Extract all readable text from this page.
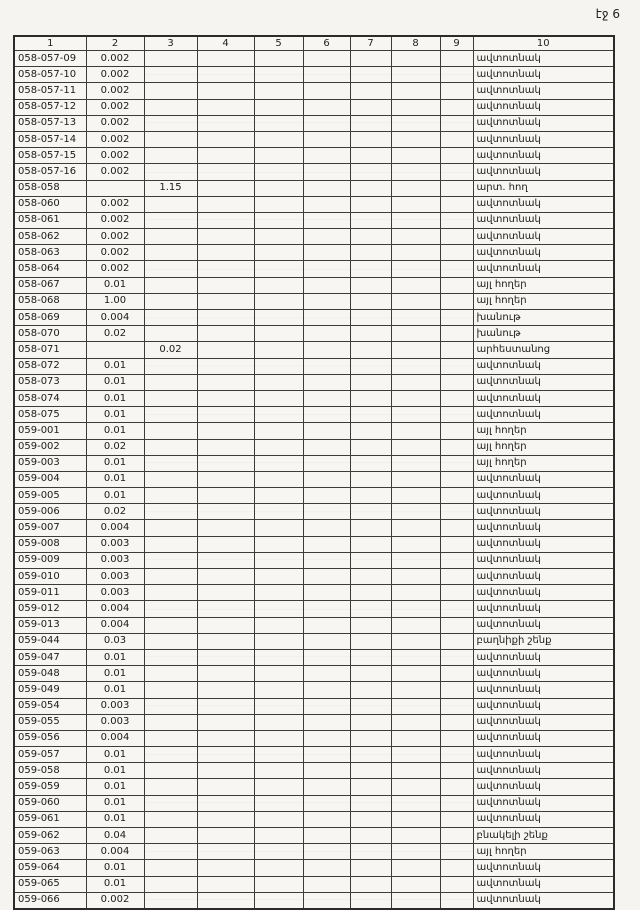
էջ 6
1	2	3	4	5	6	7	8	9	10
058-057-09	0.002								ավտոտնակ
058-057-10	0.002								ավտոտնակ
058-057-11	0.002								ավտոտնակ
058-057-12	0.002								ավտոտնակ
058-057-13	0.002								ավտոտնակ
058-057-14	0.002								ավտոտնակ
058-057-15	0.002								ավտոտնակ
058-057-16	0.002								ավտոտնակ
058-058		1.15							արտ. հող
058-060	0.002								ավտոտնակ
058-061	0.002								ավտոտնակ
058-062	0.002								ավտոտնակ
058-063	0.002								ավտոտնակ
058-064	0.002								ավտոտնակ
058-067	0.01								այլ հողեր
058-068	1.00								այլ հողեր
058-069	0.004								խանութ
058-070	0.02								խանութ
058-071		0.02							արհեստանոց
058-072	0.01								ավտոտնակ
058-073	0.01								ավտոտնակ
058-074	0.01								ավտոտնակ
058-075	0.01								ավտոտնակ
059-001	0.01								այլ հողեր
059-002	0.02								այլ հողեր
059-003	0.01								այլ հողեր
059-004	0.01								ավտոտնակ
059-005	0.01								ավտոտնակ
059-006	0.02								ավտոտնակ
059-007	0.004								ավտոտնակ
059-008	0.003								ավտոտնակ
059-009	0.003								ավտոտնակ
059-010	0.003								ավտոտնակ
059-011	0.003								ավտոտնակ
059-012	0.004								ավտոտնակ
059-013	0.004								ավտոտնակ
059-044	0.03								բաղնիքի շենք
059-047	0.01								ավտոտնակ
059-048	0.01								ավտոտնակ
059-049	0.01								ավտոտնակ
059-054	0.003								ավտոտնակ
059-055	0.003								ավտոտնակ
059-056	0.004								ավտոտնակ
059-057	0.01								ավտոտնակ
059-058	0.01								ավտոտնակ
059-059	0.01								ավտոտնակ
059-060	0.01								ավտոտնակ
059-061	0.01								ավտոտնակ
059-062	0.04								բնակելի շենք
059-063	0.004								այլ հողեր
059-064	0.01								ավտոտնակ
059-065	0.01								ավտոտնակ
059-066	0.002								ավտոտնակ
